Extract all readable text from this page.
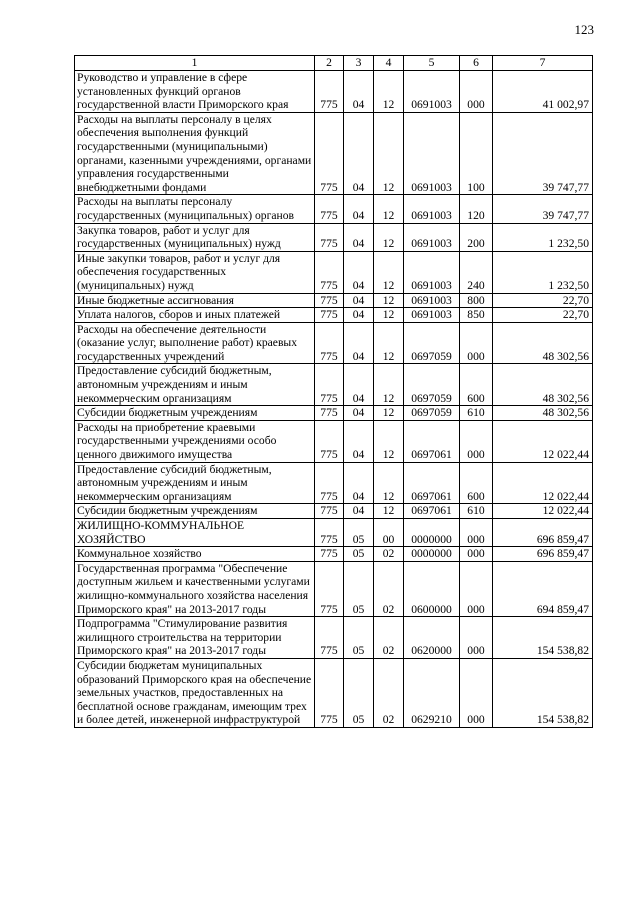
123
1	2	3	4	5	6	7
Руководство и управление в сфере установленных функций органов государственной власти Приморского края	775	04	12	0691003	000	41 002,97
Расходы на выплаты персоналу в целях обеспечения выполнения функций государственными (муниципальными) органами, казенными учреждениями, органами управления государственными внебюджетными фондами	775	04	12	0691003	100	39 747,77
Расходы на выплаты персоналу государственных (муниципальных) органов	775	04	12	0691003	120	39 747,77
Закупка товаров, работ и услуг для государственных (муниципальных) нужд	775	04	12	0691003	200	1 232,50
Иные закупки товаров, работ и услуг для обеспечения государственных (муниципальных) нужд	775	04	12	0691003	240	1 232,50
Иные бюджетные ассигнования	775	04	12	0691003	800	22,70
Уплата налогов, сборов и иных платежей	775	04	12	0691003	850	22,70
Расходы на обеспечение деятельности (оказание услуг, выполнение работ) краевых государственных учреждений	775	04	12	0697059	000	48 302,56
Предоставление субсидий бюджетным, автономным учреждениям и иным некоммерческим организациям	775	04	12	0697059	600	48 302,56
Субсидии бюджетным учреждениям	775	04	12	0697059	610	48 302,56
Расходы на приобретение краевыми государственными учреждениями особо ценного движимого имущества	775	04	12	0697061	000	12 022,44
Предоставление субсидий бюджетным, автономным учреждениям и иным некоммерческим организациям	775	04	12	0697061	600	12 022,44
Субсидии бюджетным учреждениям	775	04	12	0697061	610	12 022,44
ЖИЛИЩНО-КОММУНАЛЬНОЕ ХОЗЯЙСТВО	775	05	00	0000000	000	696 859,47
Коммунальное хозяйство	775	05	02	0000000	000	696 859,47
Государственная программа "Обеспечение доступным жильем и качественными услугами жилищно-коммунального хозяйства населения Приморского края" на 2013-2017 годы	775	05	02	0600000	000	694 859,47
Подпрограмма "Стимулирование развития жилищного строительства на территории Приморского края" на 2013-2017 годы	775	05	02	0620000	000	154 538,82
Субсидии бюджетам муниципальных образований Приморского края на обеспечение земельных участков, предоставленных на бесплатной основе гражданам, имеющим трех и более детей, инженерной инфраструктурой	775	05	02	0629210	000	154 538,82
